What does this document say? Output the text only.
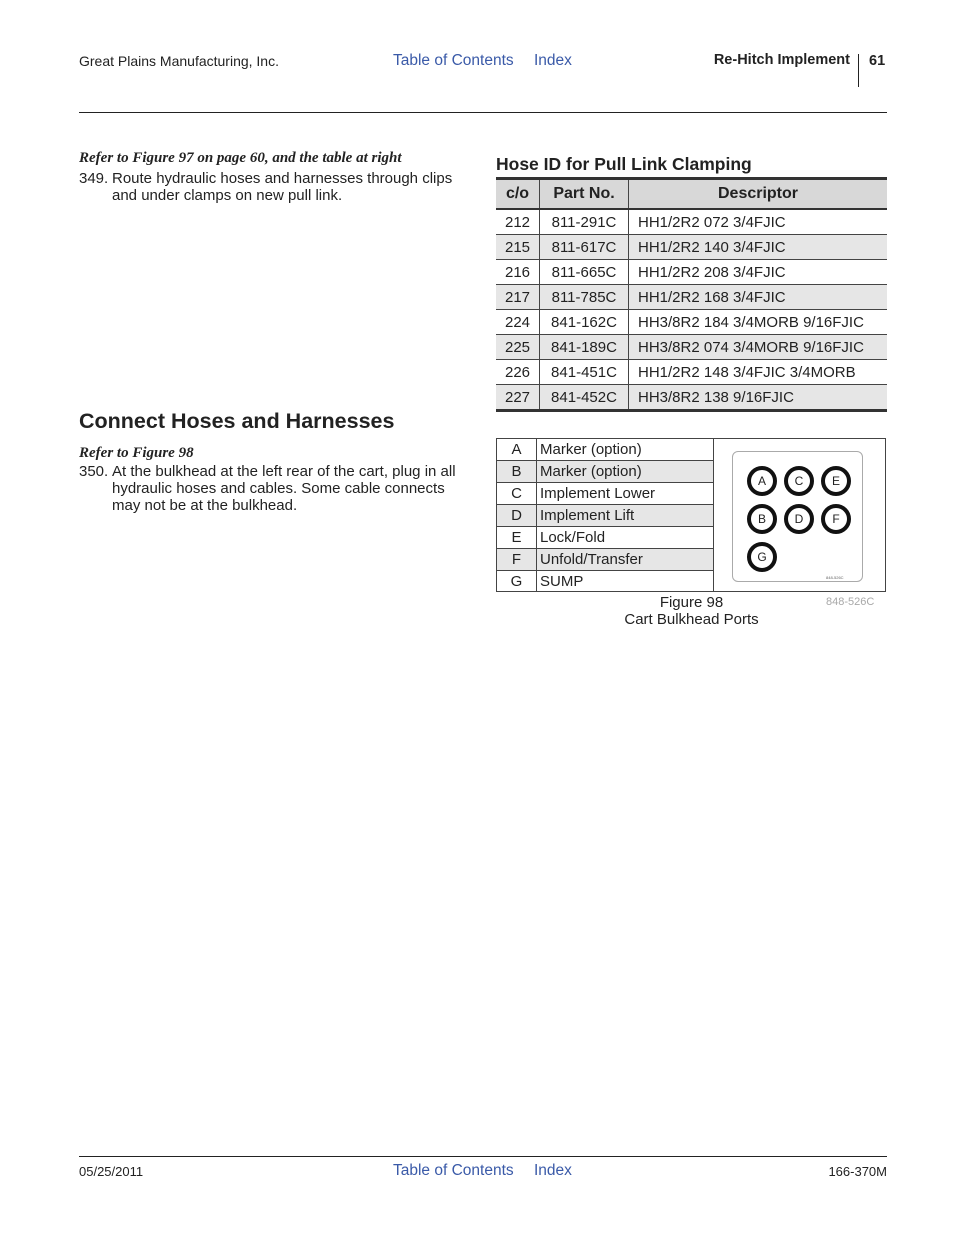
Great Plains Manufacturing, Inc.	Table of Contents Index	Re-Hitch Implement 61
Refer to Figure 97 on page 60, and the table at right
349. Route hydraulic hoses and harnesses through clips and under clamps on new pull link.
Connect Hoses and Harnesses
Refer to Figure 98
350. At the bulkhead at the left rear of the cart, plug in all hydraulic hoses and cables. Some cable connects may not be at the bulkhead.
Hose ID for Pull Link Clamping
c/o	Part No.	Descriptor
212	811-291C	HH1/2R2 072 3/4FJIC
215	811-617C	HH1/2R2 140 3/4FJIC
216	811-665C	HH1/2R2 208 3/4FJIC
217	811-785C	HH1/2R2 168 3/4FJIC
224	841-162C	HH3/8R2 184 3/4MORB 9/16FJIC
225	841-189C	HH3/8R2 074 3/4MORB 9/16FJIC
226	841-451C	HH1/2R2 148 3/4FJIC 3/4MORB
227	841-452C	HH3/8R2 138 9/16FJIC
A	Marker (option)
B	Marker (option)
C	Implement Lower
D	Implement Lift
E	Lock/Fold
F	Unfold/Transfer
G	SUMP
A	C	E
B	D	F
G
848-526C
848-526C
Figure 98
Cart Bulkhead Ports
05/25/2011	Table of Contents Index	166-370M
